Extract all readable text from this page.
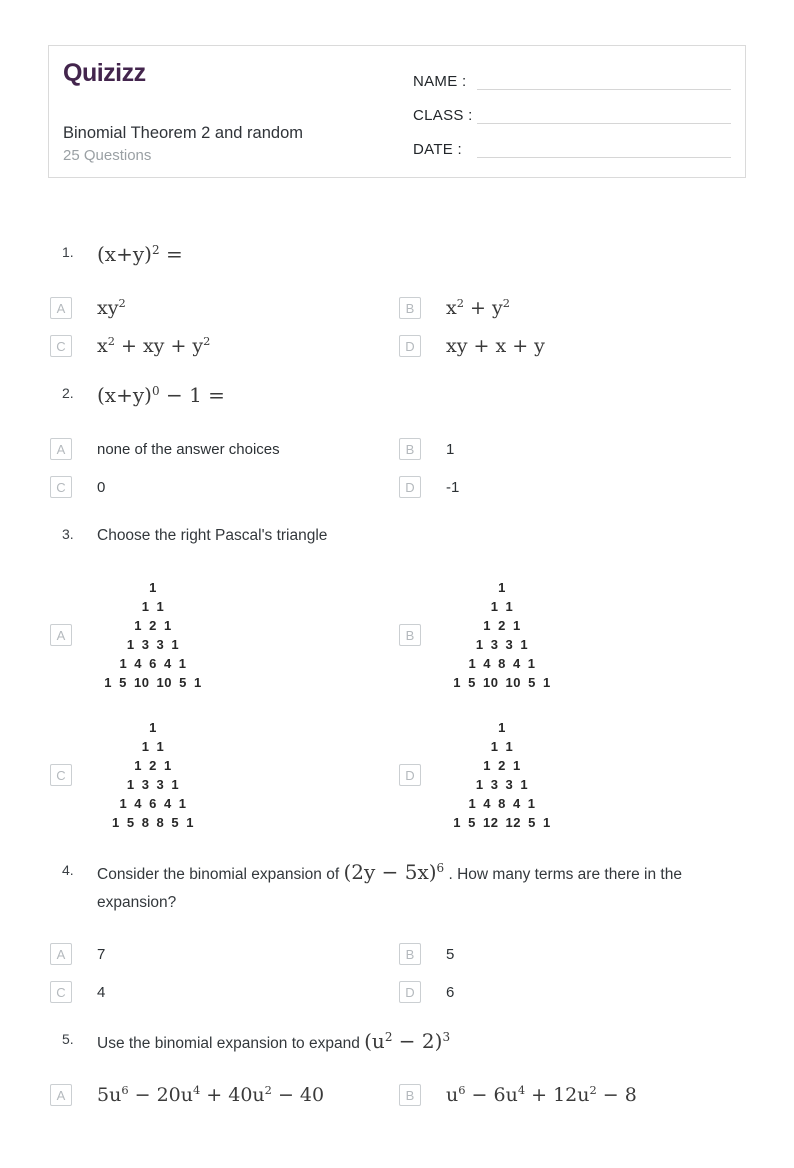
Quizizz
Binomial Theorem 2 and random
25 Questions
NAME :
CLASS :
DATE :
1.	$(x+y)^2$ =
A	$xy^2$	B	$x^2 + y^2$
C	$x^2$ + xy + $y^2$	D	xy + x + y
2.	$(x+y)^0 - 1$ =
A	none of the answer choices	B	1
C	0	D	-1
3.	Choose the right Pascal's triangle
A
1
1 1
1 2 1
1 3 3 1
1 4 6 4 1
1 5 10 10 5 1
B
1
1 1
1 2 1
1 3 3 1
1 4 8 4 1
1 5 10 10 5 1
C
1
1 1
1 2 1
1 3 3 1
1 4 6 4 1
1 5 8 8 5 1
D
1
1 1
1 2 1
1 3 3 1
1 4 8 4 1
1 5 12 12 5 1
4.	Consider the binomial expansion of $(2y - 5x)^6$ . How many terms are there in the expansion?
A	7	B	5
C	4	D	6
5.	Use the binomial expansion to expand $(u^2 - 2)^3$
A	$5u^6 - 20u^4 + 40u^2 - 40$	B	$u^6 - 6u^4 + 12u^2 - 8$
